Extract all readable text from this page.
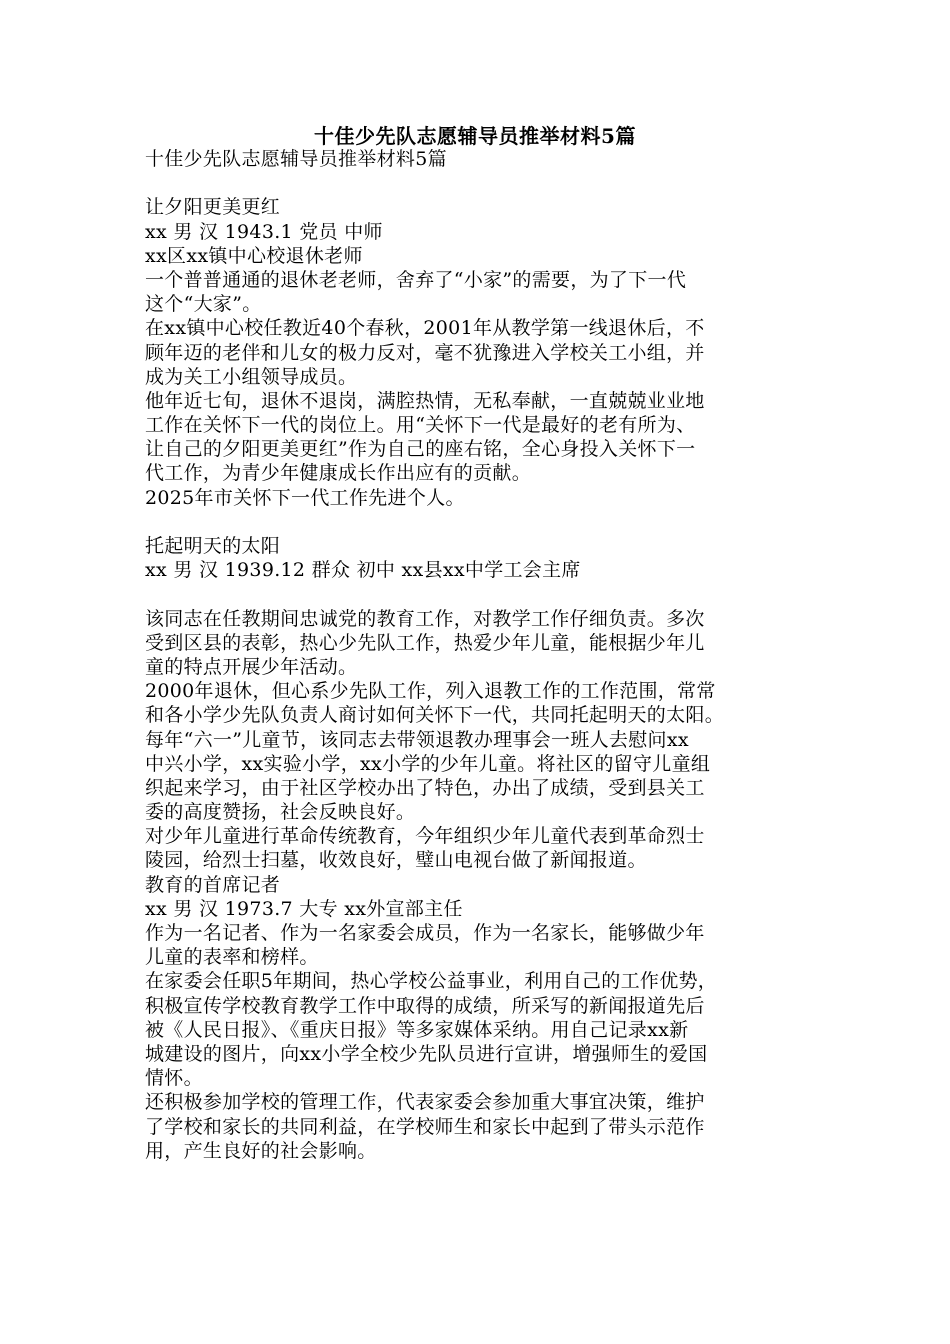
十佳少先队志愿辅导员推举材料5篇
十佳少先队志愿辅导员推举材料5篇
让夕阳更美更红
xx 男 汉 1943.1 党员 中师
xx区xx镇中心校退休老师
一个普普通通的退休老老师，舍弃了“小家”的需要，为了下一代
这个“大家”。
在xx镇中心校任教近40个春秋，2001年从教学第一线退休后，不
顾年迈的老伴和儿女的极力反对，毫不犹豫进入学校关工小组，并
成为关工小组领导成员。
他年近七旬，退休不退岗，满腔热情，无私奉献，一直兢兢业业地
工作在关怀下一代的岗位上。用“关怀下一代是最好的老有所为、
让自己的夕阳更美更红”作为自己的座右铭，全心身投入关怀下一
代工作，为青少年健康成长作出应有的贡献。
2025年市关怀下一代工作先进个人。
托起明天的太阳
xx 男 汉 1939.12 群众 初中 xx县xx中学工会主席
该同志在任教期间忠诚党的教育工作，对教学工作仔细负责。多次
受到区县的表彰，热心少先队工作，热爱少年儿童，能根据少年儿
童的特点开展少年活动。
2000年退休，但心系少先队工作，列入退教工作的工作范围，常常
和各小学少先队负责人商讨如何关怀下一代，共同托起明天的太阳。
每年“六一”儿童节，该同志去带领退教办理事会一班人去慰问xx
中兴小学，xx实验小学，xx小学的少年儿童。将社区的留守儿童组
织起来学习，由于社区学校办出了特色，办出了成绩，受到县关工
委的高度赞扬，社会反映良好。
对少年儿童进行革命传统教育，今年组织少年儿童代表到革命烈士
陵园，给烈士扫墓，收效良好，璧山电视台做了新闻报道。
教育的首席记者
xx 男 汉 1973.7 大专 xx外宣部主任
作为一名记者、作为一名家委会成员，作为一名家长，能够做少年
儿童的表率和榜样。
在家委会任职5年期间，热心学校公益事业，利用自己的工作优势，
积极宣传学校教育教学工作中取得的成绩，所采写的新闻报道先后
被《人民日报》、《重庆日报》等多家媒体采纳。用自己记录xx新
城建设的图片，向xx小学全校少先队员进行宣讲，增强师生的爱国
情怀。
还积极参加学校的管理工作，代表家委会参加重大事宜决策，维护
了学校和家长的共同利益，在学校师生和家长中起到了带头示范作
用，产生良好的社会影响。
